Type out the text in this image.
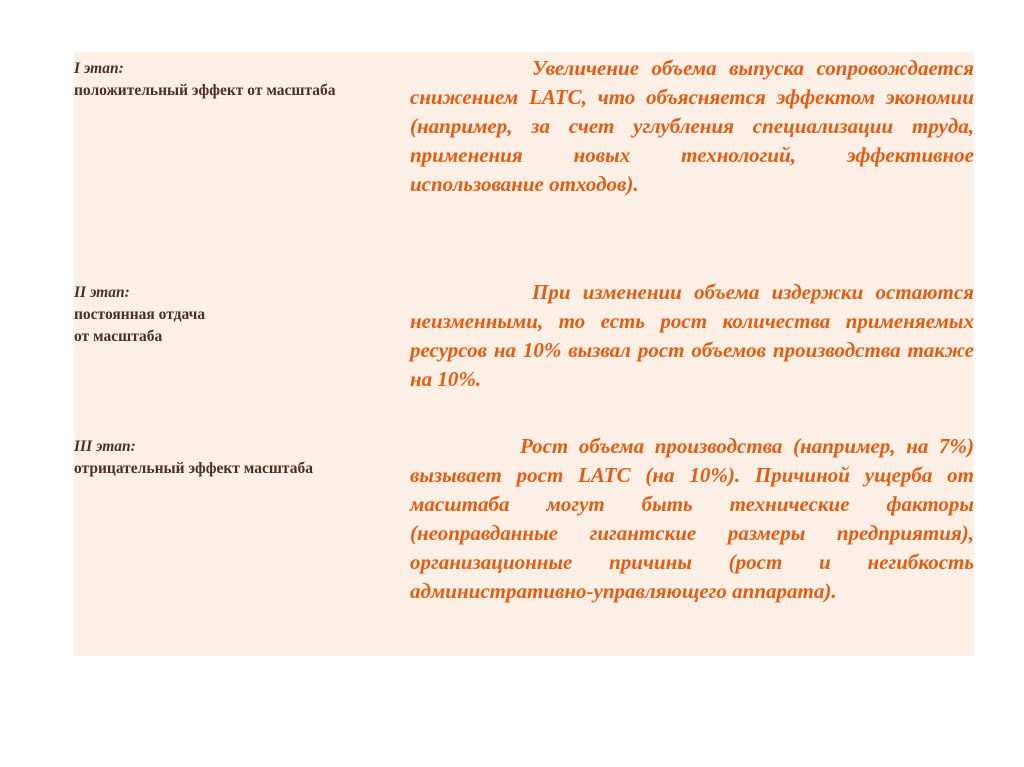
I этап:
положительный эффект от масштаба
Увеличение объема выпуска сопровождается снижением LATC, что объясняется эффектом экономии (например, за счет углубления специализации труда, применения новых технологий, эффективное использование отходов).
II этап:
постоянная отдача
от масштаба
При изменении объема издержки остаются неизменными, то есть рост количества применяемых ресурсов на 10% вызвал рост объемов производства также на 10%.
III этап:
отрицательный эффект масштаба
Рост объема производства (например, на 7%) вызывает рост LATC (на 10%). Причиной ущерба от масштаба могут быть технические факторы (неоправданные гигантские размеры предприятия), организационные причины (рост и негибкость административно-управляющего аппарата).
